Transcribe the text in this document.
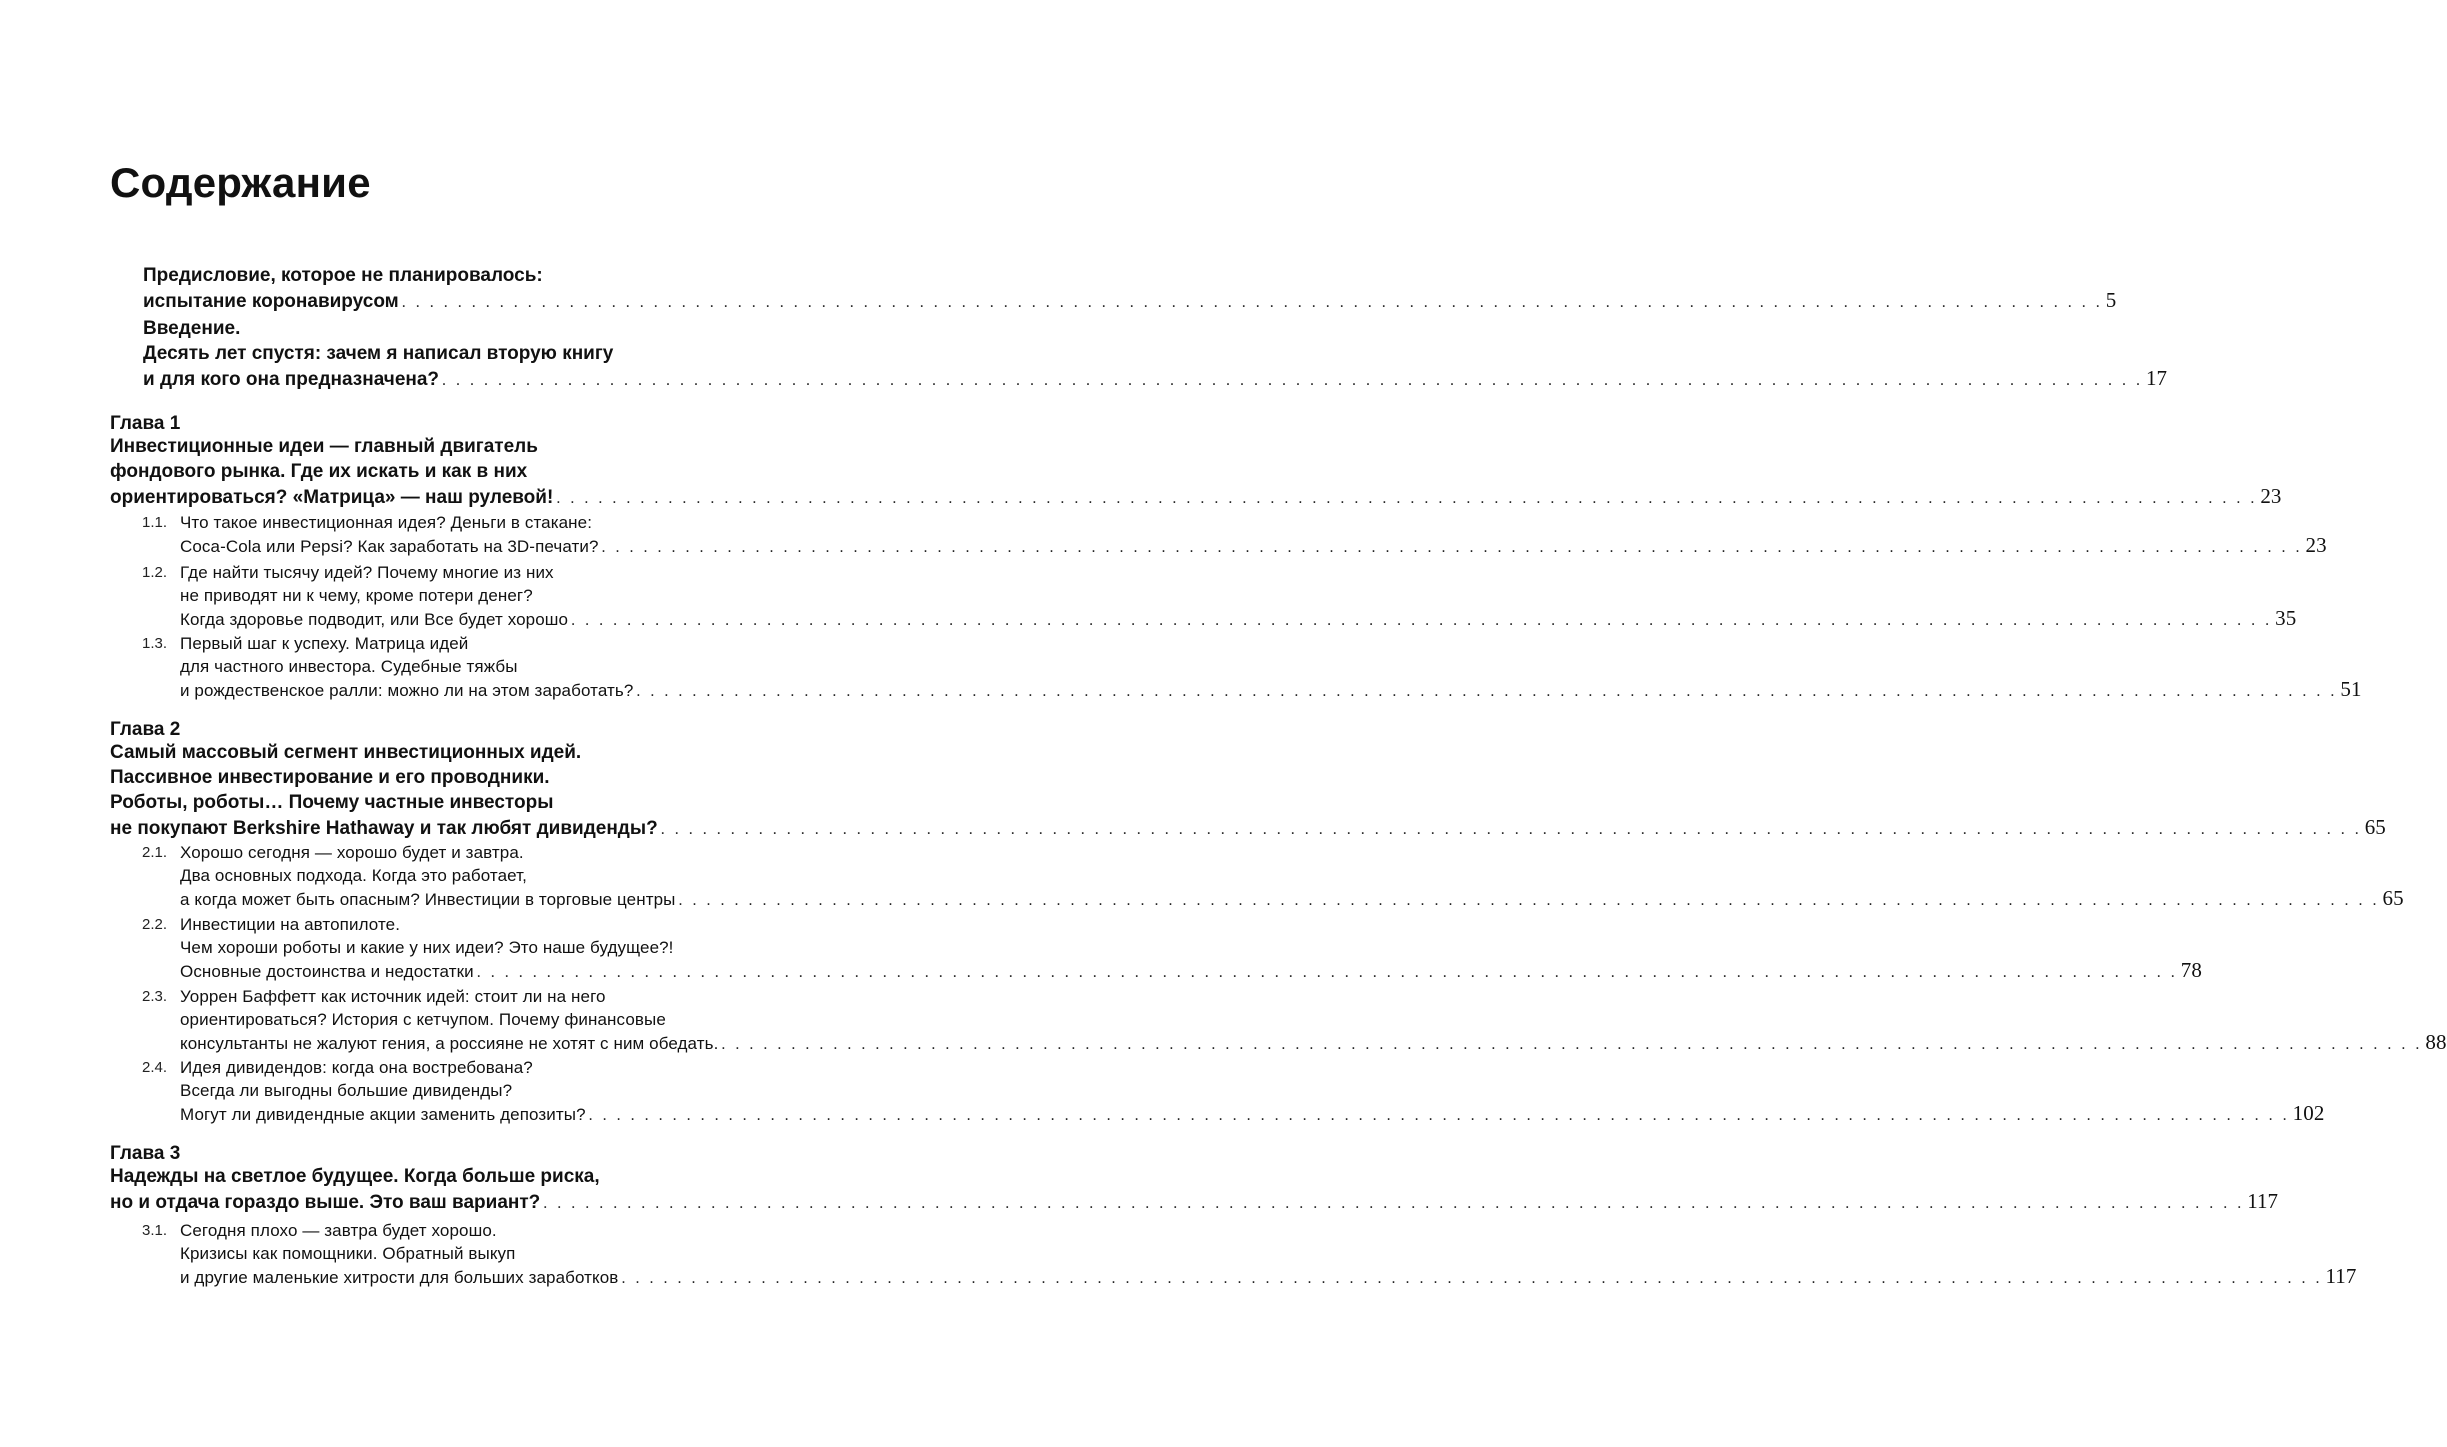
Содержание
Предисловие, которое не планировалось:
испытание коронавирусом . . . . . . . . . . . . . . . . . . . . . . . . . . . . . . . . . . . . . . . . . . . . . . . . . . . . . . . . . . . . . . . . . . . . . . . . . . . . . . . . . . . . . . . . . . . . . . . . . . . . . . . . . . . . . . . . . . . . . . . . . . 5
Введение.
Десять лет спустя: зачем я написал вторую книгу
и для кого она предназначена? . . . . . . . . . . . . . . . . . . . . . . . . . . . . . . . . . . . . . . . . . . . . . . . . . . . . . . . . . . . . . . . . . . . . . . . . . . . . . . . . . . . . . . . . . . . . . . . . . . . . . . . . . . . . . . . . . . . . . . . . . . 17
Глава 1
Инвестиционные идеи — главный двигатель
фондового рынка. Где их искать и как в них
ориентироваться? «Матрица» — наш рулевой! . . . . . . . . . . . . . . . . . . . . . . . . . . . . . . . . . . . . . . . . . . . . . . . . . . . . . . . . . . . . . . . . . . . . . . . . . . . . . . . . . . . . . . . . . . . . . . . . . . . . . . . . . . . . . . . . . . . . . . . . . . 23
1.1. Что такое инвестиционная идея? Деньги в стакане:
Coca-Cola или Pepsi? Как заработать на 3D-печати? . . . . . . . . . . . . . . . . . . . . . . . . . . . . . . . . . . . . . . . . . . . . . . . . . . . . . . . . . . . . . . . . . . . . . . . . . . . . . . . . . . . . . . . . . . . . . . . . . . . . . . . . . . . . . . . . . . . . . . . . . . 23
1.2. Где найти тысячу идей? Почему многие из них
не приводят ни к чему, кроме потери денег?
Когда здоровье подводит, или Все будет хорошо . . . . . . . . . . . . . . . . . . . . . . . . . . . . . . . . . . . . . . . . . . . . . . . . . . . . . . . . . . . . . . . . . . . . . . . . . . . . . . . . . . . . . . . . . . . . . . . . . . . . . . . . . . . . . . . . . . . . . . . . . . 35
1.3. Первый шаг к успеху. Матрица идей
для частного инвестора. Судебные тяжбы
и рождественское ралли: можно ли на этом заработать? . . . . . . . . . . . . . . . . . . . . . . . . . . . . . . . . . . . . . . . . . . . . . . . . . . . . . . . . . . . . . . . . . . . . . . . . . . . . . . . . . . . . . . . . . . . . . . . . . . . . . . . . . . . . . . . . . . . . . . . . . . 51
Глава 2
Самый массовый сегмент инвестиционных идей.
Пассивное инвестирование и его проводники.
Роботы, роботы… Почему частные инвесторы
не покупают Berkshire Hathaway и так любят дивиденды? . . . . . . . . . . . . . . . . . . . . . . . . . . . . . . . . . . . . . . . . . . . . . . . . . . . . . . . . . . . . . . . . . . . . . . . . . . . . . . . . . . . . . . . . . . . . . . . . . . . . . . . . . . . . . . . . . . . . . . . . . . 65
2.1. Хорошо сегодня — хорошо будет и завтра.
Два основных подхода. Когда это работает,
а когда может быть опасным? Инвестиции в торговые центры . . . . . . . . . . . . . . . . . . . . . . . . . . . . . . . . . . . . . . . . . . . . . . . . . . . . . . . . . . . . . . . . . . . . . . . . . . . . . . . . . . . . . . . . . . . . . . . . . . . . . . . . . . . . . . . . . . . . . . . . . . 65
2.2. Инвестиции на автопилоте.
Чем хороши роботы и какие у них идеи? Это наше будущее?!
Основные достоинства и недостатки . . . . . . . . . . . . . . . . . . . . . . . . . . . . . . . . . . . . . . . . . . . . . . . . . . . . . . . . . . . . . . . . . . . . . . . . . . . . . . . . . . . . . . . . . . . . . . . . . . . . . . . . . . . . . . . . . . . . . . . . . . 78
2.3. Уоррен Баффетт как источник идей: стоит ли на него
ориентироваться? История с кетчупом. Почему финансовые
консультанты не жалуют гения, а россияне не хотят с ним обедать. . . . . . . . . . . . . . . . . . . . . . . . . . . . . . . . . . . . . . . . . . . . . . . . . . . . . . . . . . . . . . . . . . . . . . . . . . . . . . . . . . . . . . . . . . . . . . . . . . . . . . . . . . . . . . . . . . . . . . . . . . . 88
2.4. Идея дивидендов: когда она востребована?
Всегда ли выгодны большие дивиденды?
Могут ли дивидендные акции заменить депозиты? . . . . . . . . . . . . . . . . . . . . . . . . . . . . . . . . . . . . . . . . . . . . . . . . . . . . . . . . . . . . . . . . . . . . . . . . . . . . . . . . . . . . . . . . . . . . . . . . . . . . . . . . . . . . . . . . . . . . . . . . . . 102
Глава 3
Надежды на светлое будущее. Когда больше риска,
но и отдача гораздо выше. Это ваш вариант? . . . . . . . . . . . . . . . . . . . . . . . . . . . . . . . . . . . . . . . . . . . . . . . . . . . . . . . . . . . . . . . . . . . . . . . . . . . . . . . . . . . . . . . . . . . . . . . . . . . . . . . . . . . . . . . . . . . . . . . . . . 117
3.1. Сегодня плохо — завтра будет хорошо.
Кризисы как помощники. Обратный выкуп
и другие маленькие хитрости для больших заработков . . . . . . . . . . . . . . . . . . . . . . . . . . . . . . . . . . . . . . . . . . . . . . . . . . . . . . . . . . . . . . . . . . . . . . . . . . . . . . . . . . . . . . . . . . . . . . . . . . . . . . . . . . . . . . . . . . . . . . . . . . 117
